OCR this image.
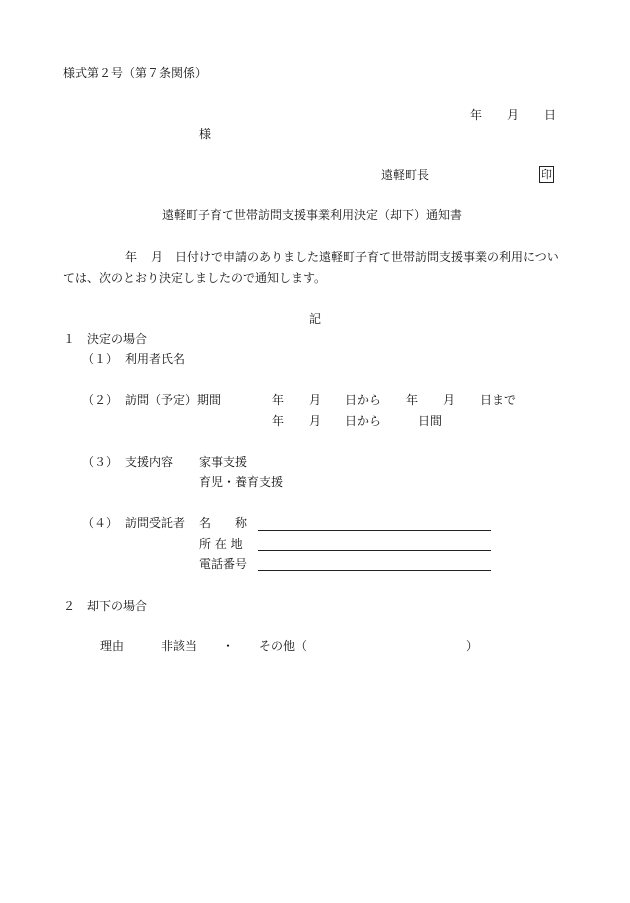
様式第２号（第７条関係）
年 月 日
様
遠軽町長	印
遠軽町子育て世帯訪問支援事業利用決定（却下）通知書
年 月 日付けで申請のありました遠軽町子育て世帯訪問支援事業の利用につい
ては、次のとおり決定しましたので通知します。
記
１　決定の場合
（１） 利用者氏名
（２） 訪問（予定）期間	年 月 日から 年 月 日まで
年 月 日から	日間
（３） 支援内容 家事支援
育児・養育支援
（４） 訪問受託者 名　　称
所 在 地
電話番号
２　却下の場合
理由	非該当 ・ その他（	）
